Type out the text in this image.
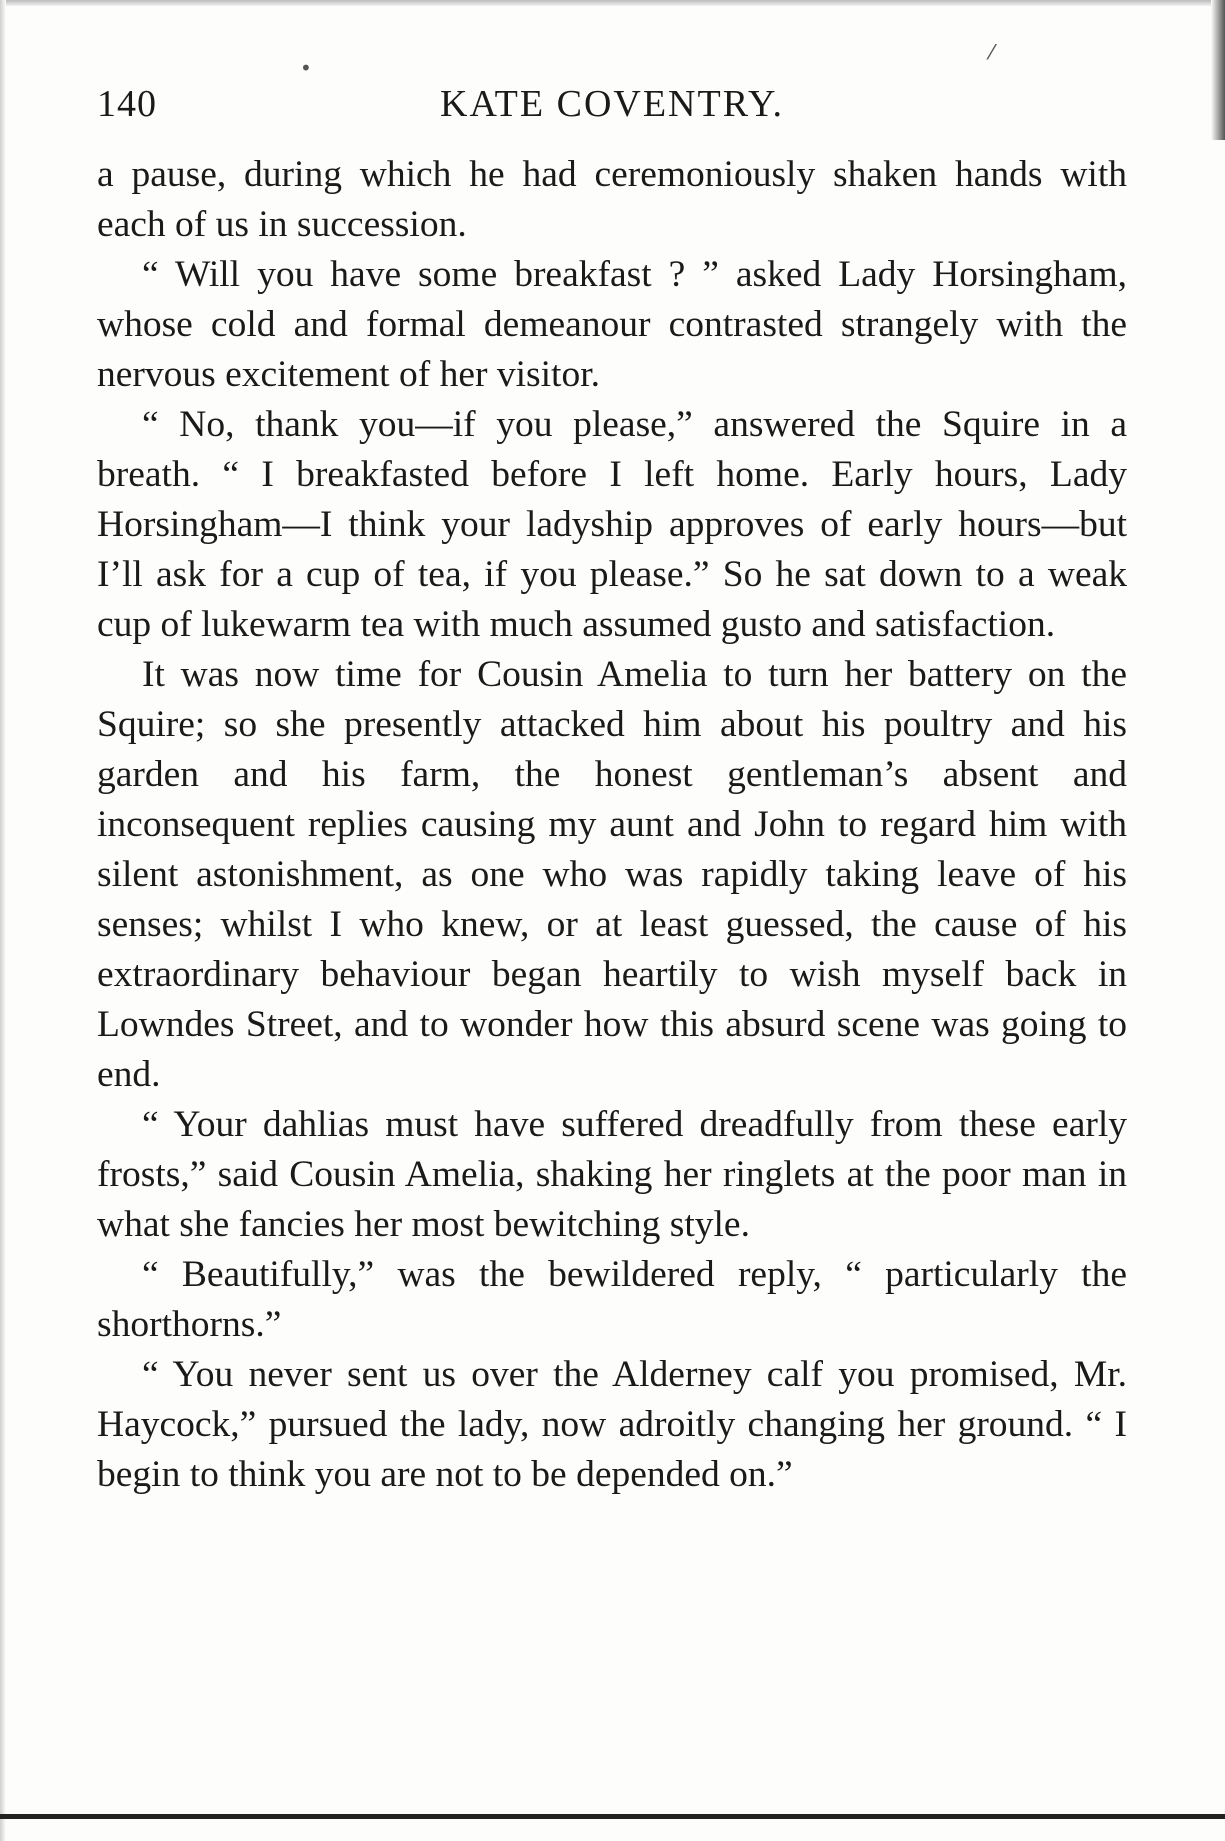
•
⁄
140	KATE COVENTRY.

a pause, during which he had ceremoniously shaken hands with each of us in succession.

“ Will you have some breakfast ? ” asked Lady Horsingham, whose cold and formal demeanour contrasted strangely with the nervous excitement of her visitor.

“ No, thank you—if you please,” answered the Squire in a breath. “ I breakfasted before I left home. Early hours, Lady Horsingham—I think your ladyship approves of early hours—but I’ll ask for a cup of tea, if you please.” So he sat down to a weak cup of lukewarm tea with much assumed gusto and satisfaction.

It was now time for Cousin Amelia to turn her battery on the Squire; so she presently attacked him about his poultry and his garden and his farm, the honest gentleman’s absent and inconsequent replies causing my aunt and John to regard him with silent astonishment, as one who was rapidly taking leave of his senses; whilst I who knew, or at least guessed, the cause of his extraordinary behaviour began heartily to wish myself back in Lowndes Street, and to wonder how this absurd scene was going to end.

“ Your dahlias must have suffered dreadfully from these early frosts,” said Cousin Amelia, shaking her ringlets at the poor man in what she fancies her most bewitching style.

“ Beautifully,” was the bewildered reply, “ particularly the shorthorns.”

“ You never sent us over the Alderney calf you promised, Mr. Haycock,” pursued the lady, now adroitly changing her ground. “ I begin to think you are not to be depended on.”
